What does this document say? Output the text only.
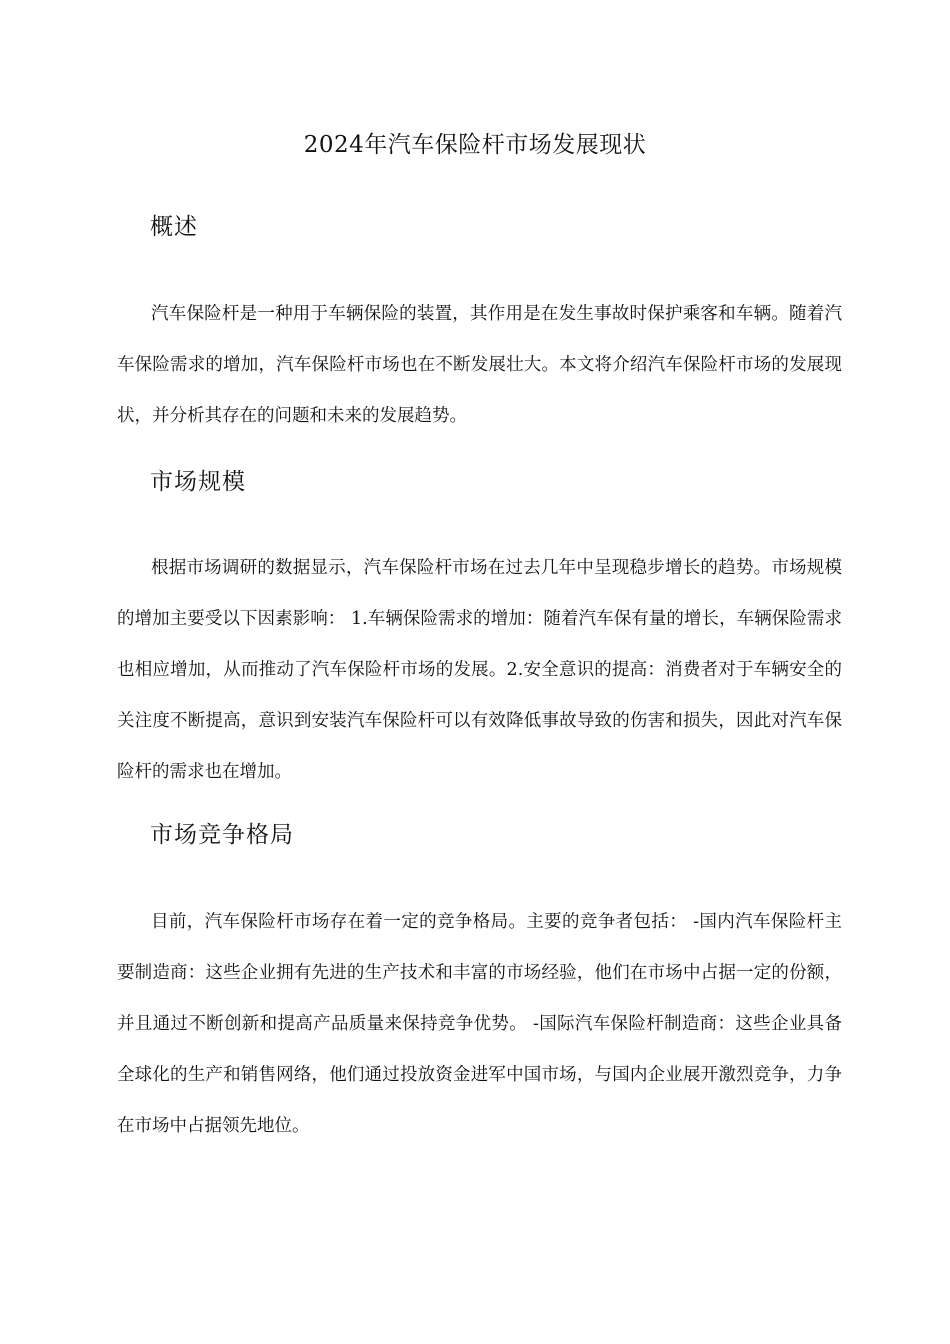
2024年汽车保险杆市场发展现状
概述

汽车保险杆是一种用于车辆保险的装置，其作用是在发生事故时保护乘客和车辆。随着汽车保险需求的增加，汽车保险杆市场也在不断发展壮大。本文将介绍汽车保险杆市场的发展现状，并分析其存在的问题和未来的发展趋势。

市场规模

根据市场调研的数据显示，汽车保险杆市场在过去几年中呈现稳步增长的趋势。市场规模的增加主要受以下因素影响： 1.车辆保险需求的增加：随着汽车保有量的增长，车辆保险需求也相应增加，从而推动了汽车保险杆市场的发展。2.安全意识的提高：消费者对于车辆安全的关注度不断提高，意识到安装汽车保险杆可以有效降低事故导致的伤害和损失，因此对汽车保险杆的需求也在增加。

市场竞争格局

目前，汽车保险杆市场存在着一定的竞争格局。主要的竞争者包括： -国内汽车保险杆主要制造商：这些企业拥有先进的生产技术和丰富的市场经验，他们在市场中占据一定的份额，并且通过不断创新和提高产品质量来保持竞争优势。 -国际汽车保险杆制造商：这些企业具备全球化的生产和销售网络，他们通过投放资金进军中国市场，与国内企业展开激烈竞争，力争在市场中占据领先地位。
